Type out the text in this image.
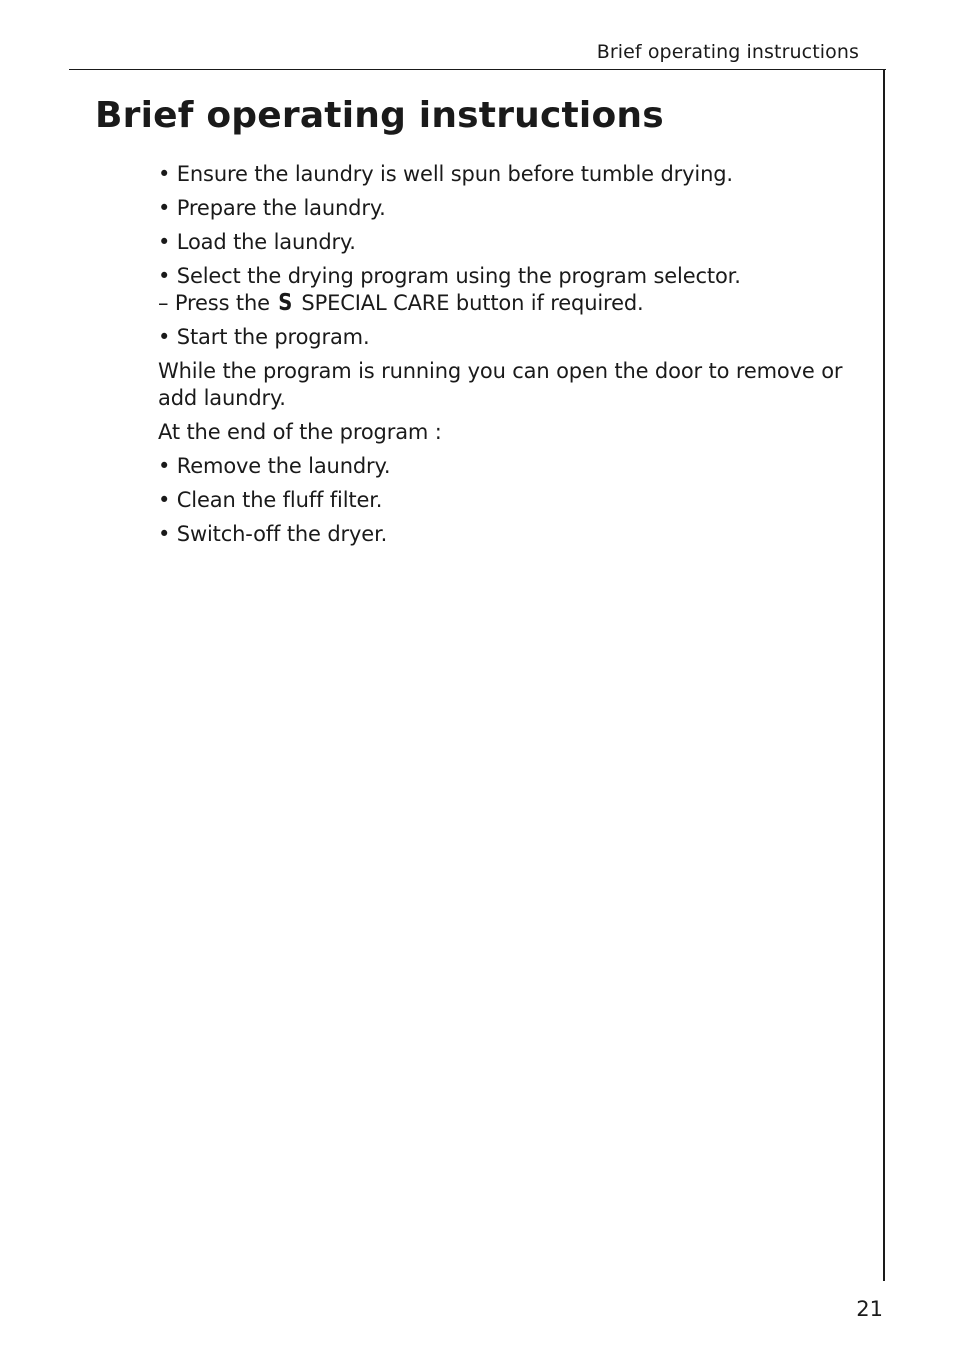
Brief operating instructions
Brief operating instructions

• Ensure the laundry is well spun before tumble drying.

• Prepare the laundry.

• Load the laundry.

• Select the drying program using the program selector.
– Press the S SPECIAL CARE button if required.

• Start the program.

While the program is running you can open the door to remove or add laundry.

At the end of the program :

• Remove the laundry.

• Clean the fluff filter.

• Switch-off the dryer.

21
